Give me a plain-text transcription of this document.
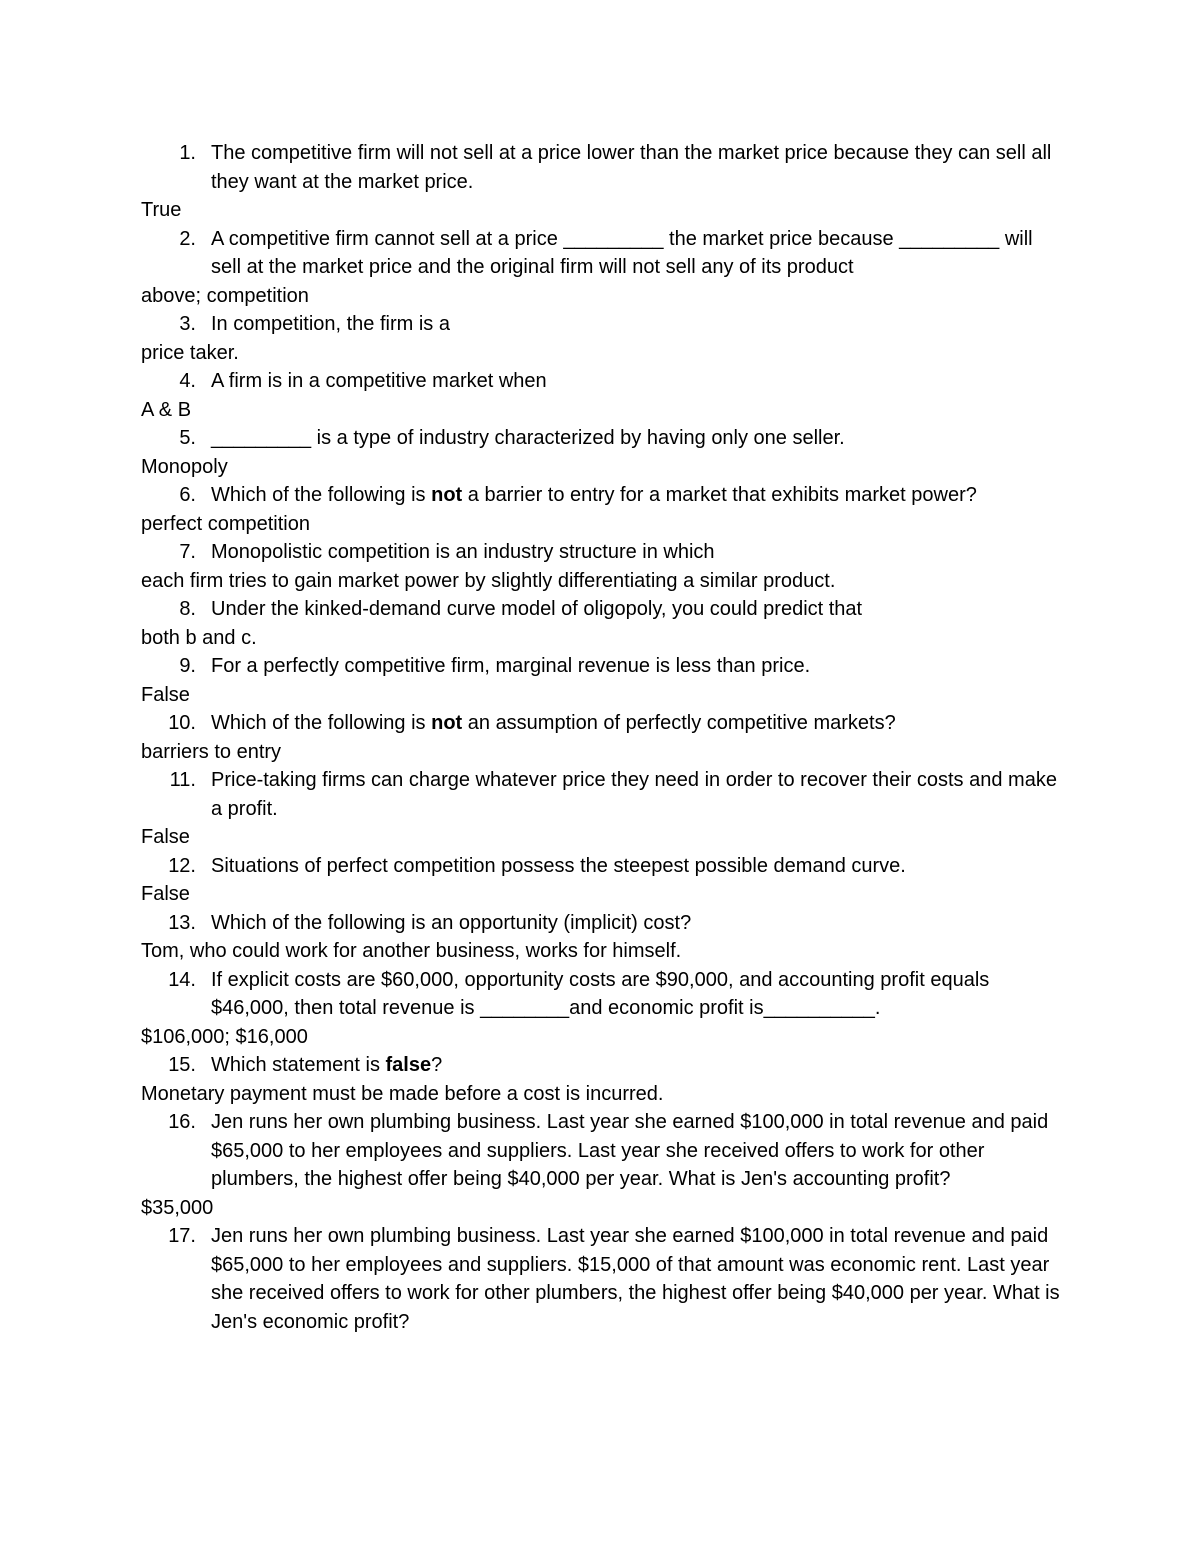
1. The competitive firm will not sell at a price lower than the market price because they can sell all they want at the market price.
True
2. A competitive firm cannot sell at a price _________ the market price because _________ will sell at the market price and the original firm will not sell any of its product
above; competition
3. In competition, the firm is a
price taker.
4. A firm is in a competitive market when
A & B
5. _________ is a type of industry characterized by having only one seller.
Monopoly
6. Which of the following is not a barrier to entry for a market that exhibits market power?
perfect competition
7. Monopolistic competition is an industry structure in which
each firm tries to gain market power by slightly differentiating a similar product.
8. Under the kinked-demand curve model of oligopoly, you could predict that
both b and c.
9. For a perfectly competitive firm, marginal revenue is less than price.
False
10. Which of the following is not an assumption of perfectly competitive markets?
barriers to entry
11. Price-taking firms can charge whatever price they need in order to recover their costs and make a profit.
False
12. Situations of perfect competition possess the steepest possible demand curve.
False
13. Which of the following is an opportunity (implicit) cost?
Tom, who could work for another business, works for himself.
14. If explicit costs are $60,000, opportunity costs are $90,000, and accounting profit equals $46,000, then total revenue is ________and economic profit is__________.
$106,000; $16,000
15. Which statement is false?
Monetary payment must be made before a cost is incurred.
16. Jen runs her own plumbing business. Last year she earned $100,000 in total revenue and paid $65,000 to her employees and suppliers. Last year she received offers to work for other plumbers, the highest offer being $40,000 per year. What is Jen's accounting profit?
$35,000
17. Jen runs her own plumbing business. Last year she earned $100,000 in total revenue and paid $65,000 to her employees and suppliers. $15,000 of that amount was economic rent. Last year she received offers to work for other plumbers, the highest offer being $40,000 per year. What is Jen's economic profit?
